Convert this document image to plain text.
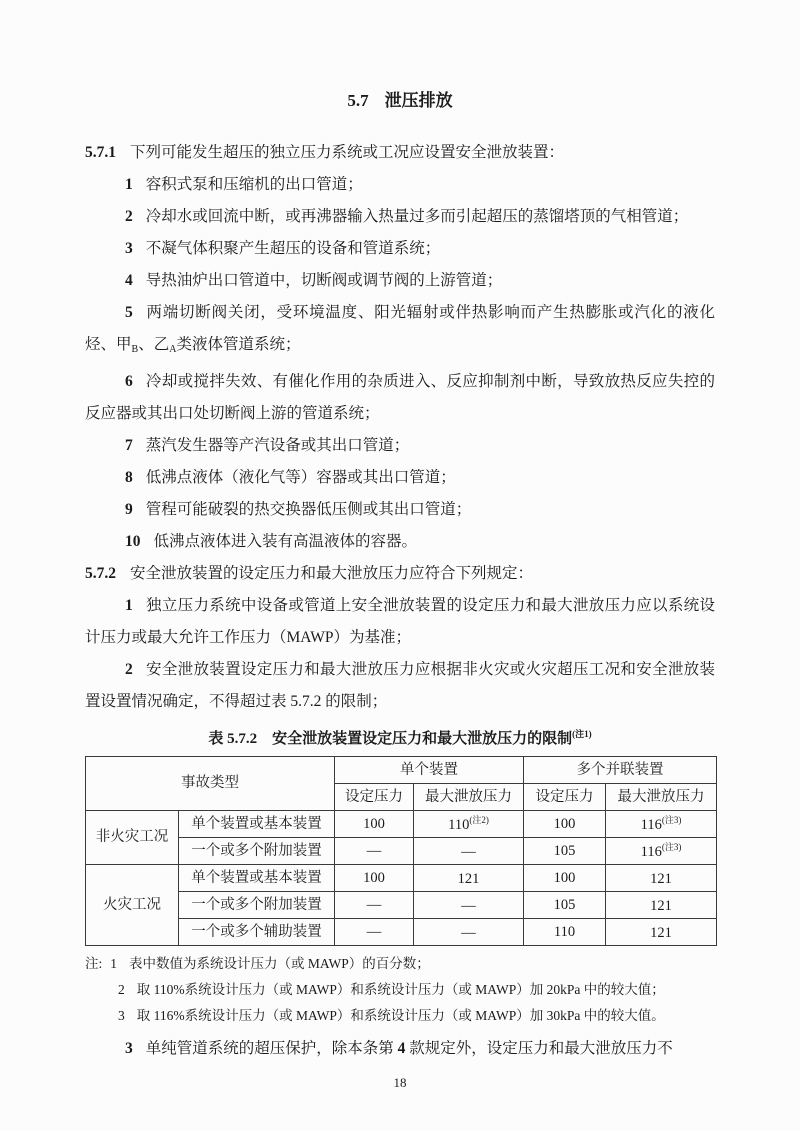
5.7 泄压排放

5.7.1 下列可能发生超压的独立压力系统或工况应设置安全泄放装置：

1 容积式泵和压缩机的出口管道；

2 冷却水或回流中断，或再沸器输入热量过多而引起超压的蒸馏塔顶的气相管道；

3 不凝气体积聚产生超压的设备和管道系统；

4 导热油炉出口管道中，切断阀或调节阀的上游管道；

5 两端切断阀关闭，受环境温度、阳光辐射或伴热影响而产生热膨胀或汽化的液化烃、甲B、乙A类液体管道系统；

6 冷却或搅拌失效、有催化作用的杂质进入、反应抑制剂中断，导致放热反应失控的反应器或其出口处切断阀上游的管道系统；

7 蒸汽发生器等产汽设备或其出口管道；

8 低沸点液体（液化气等）容器或其出口管道；

9 管程可能破裂的热交换器低压侧或其出口管道；

10 低沸点液体进入装有高温液体的容器。

5.7.2 安全泄放装置的设定压力和最大泄放压力应符合下列规定：

1 独立压力系统中设备或管道上安全泄放装置的设定压力和最大泄放压力应以系统设计压力或最大允许工作压力（MAWP）为基准；

2 安全泄放装置设定压力和最大泄放压力应根据非火灾或火灾超压工况和安全泄放装置设置情况确定，不得超过表 5.7.2 的限制；

表 5.7.2　安全泄放装置设定压力和最大泄放压力的限制$^{(注1)}$

事故类型		单个装置		多个并联装置	
		设定压力	最大泄放压力	设定压力	最大泄放压力
非火灾工况	单个装置或基本装置	100	$110^{(注2)}$	100	$116^{(注3)}$
	一个或多个附加装置	—	—	105	$116^{(注3)}$
火灾工况	单个装置或基本装置	100	121	100	121
	一个或多个附加装置	—	—	105	121
	一个或多个辅助装置	—	—	110	121

注: 1 表中数值为系统设计压力（或 MAWP）的百分数；

2 取 110%系统设计压力（或 MAWP）和系统设计压力（或 MAWP）加 20kPa 中的较大值；

3 取 116%系统设计压力（或 MAWP）和系统设计压力（或 MAWP）加 30kPa 中的较大值。

3 单纯管道系统的超压保护，除本条第 4 款规定外，设定压力和最大泄放压力不

18
